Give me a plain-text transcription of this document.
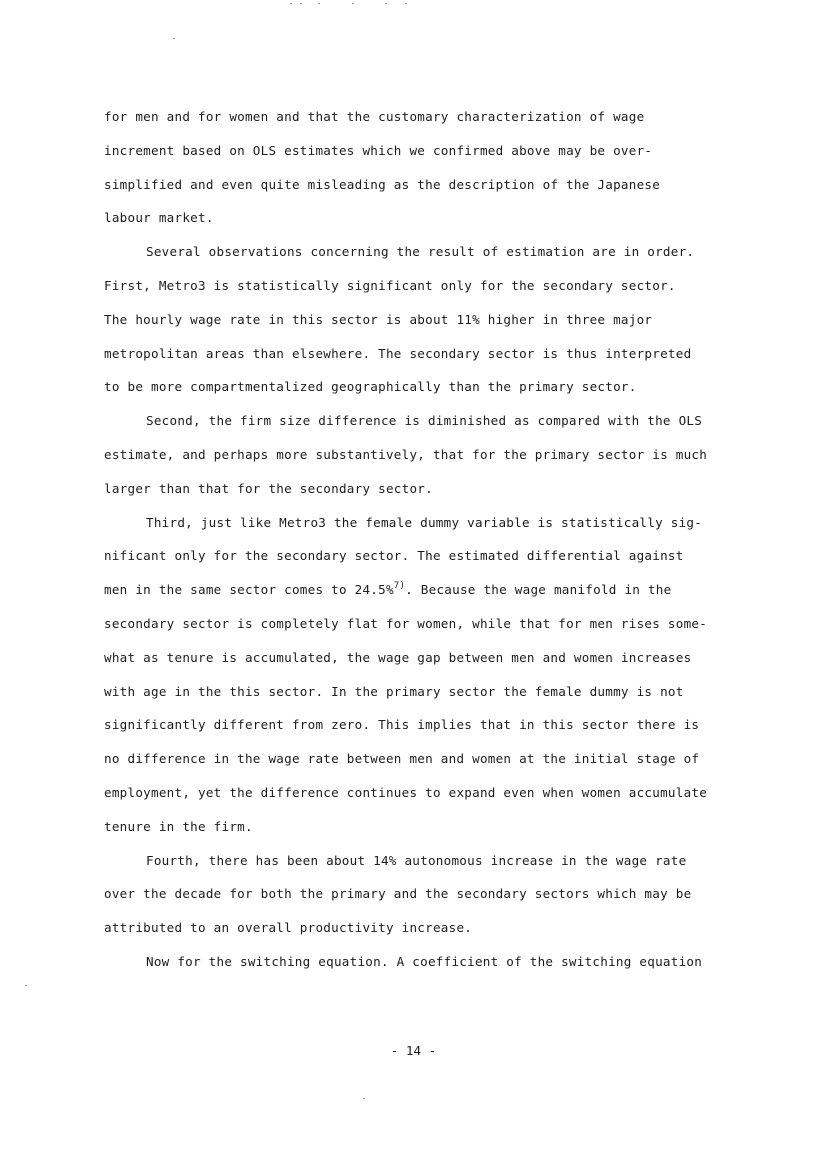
for men and for women and that the customary characterization of wage
increment based on OLS estimates which we confirmed above may be over-
simplified and even quite misleading as the description of the Japanese
labour market.
Several observations concerning the result of estimation are in order.
First, Metro3 is statistically significant only for the secondary sector.
The hourly wage rate in this sector is about 11% higher in three major
metropolitan areas than elsewhere. The secondary sector is thus interpreted
to be more compartmentalized geographically than the primary sector.
Second, the firm size difference is diminished as compared with the OLS
estimate, and perhaps more substantively, that for the primary sector is much
larger than that for the secondary sector.
Third, just like Metro3 the female dummy variable is statistically sig-
nificant only for the secondary sector. The estimated differential against
men in the same sector comes to 24.5%$^{7)}$. Because the wage manifold in the
secondary sector is completely flat for women, while that for men rises some-
what as tenure is accumulated, the wage gap between men and women increases
with age in the this sector. In the primary sector the female dummy is not
significantly different from zero. This implies that in this sector there is
no difference in the wage rate between men and women at the initial stage of
employment, yet the difference continues to expand even when women accumulate
tenure in the firm.
Fourth, there has been about 14% autonomous increase in the wage rate
over the decade for both the primary and the secondary sectors which may be
attributed to an overall productivity increase.
Now for the switching equation. A coefficient of the switching equation
- 14 -
